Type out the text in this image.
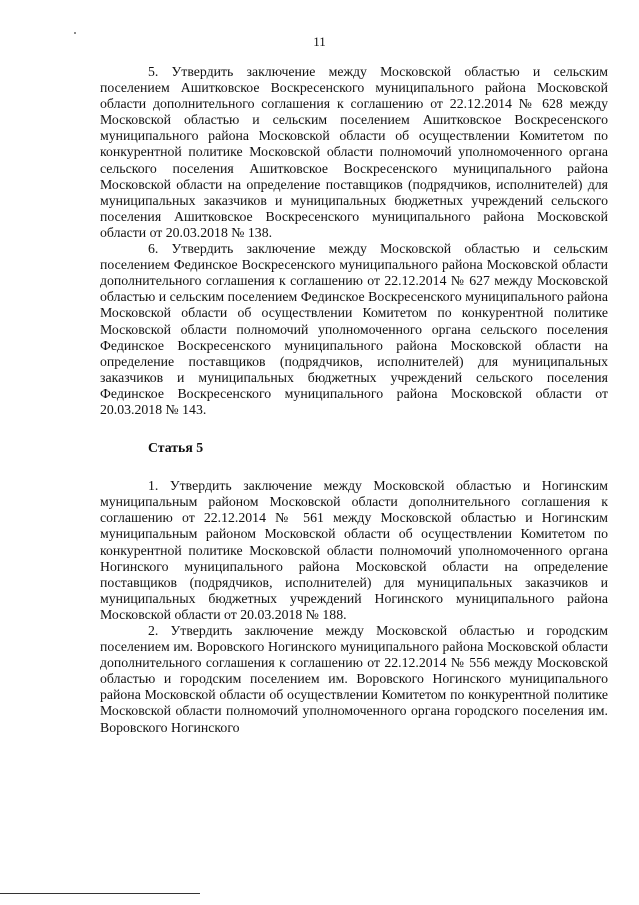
11

5. Утвердить заключение между Московской областью и сельским поселением Ашитковское Воскресенского муниципального района Московской области дополнительного соглашения к соглашению от 22.12.2014 № 628 между Московской областью и сельским поселением Ашитковское Воскресенского муниципального района Московской области об осуществлении Комитетом по конкурентной политике Московской области полномочий уполномоченного органа сельского поселения Ашитковское Воскресенского муниципального района Московской области на определение поставщиков (подрядчиков, исполнителей) для муниципальных заказчиков и муниципальных бюджетных учреждений сельского поселения Ашитковское Воскресенского муниципального района Московской области от 20.03.2018 № 138.

6. Утвердить заключение между Московской областью и сельским поселением Фединское Воскресенского муниципального района Московской области дополнительного соглашения к соглашению от 22.12.2014 № 627 между Московской областью и сельским поселением Фединское Воскресенского муниципального района Московской области об осуществлении Комитетом по конкурентной политике Московской области полномочий уполномоченного органа сельского поселения Фединское Воскресенского муниципального района Московской области на определение поставщиков (подрядчиков, исполнителей) для муниципальных заказчиков и муниципальных бюджетных учреждений сельского поселения Фединское Воскресенского муниципального района Московской области от 20.03.2018 № 143.

Статья 5

1. Утвердить заключение между Московской областью и Ногинским муниципальным районом Московской области дополнительного соглашения к соглашению от 22.12.2014 № 561 между Московской областью и Ногинским муниципальным районом Московской области об осуществлении Комитетом по конкурентной политике Московской области полномочий уполномоченного органа Ногинского муниципального района Московской области на определение поставщиков (подрядчиков, исполнителей) для муниципальных заказчиков и муниципальных бюджетных учреждений Ногинского муниципального района Московской области от 20.03.2018 № 188.

2. Утвердить заключение между Московской областью и городским поселением им. Воровского Ногинского муниципального района Московской области дополнительного соглашения к соглашению от 22.12.2014 № 556 между Московской областью и городским поселением им. Воровского Ногинского муниципального района Московской области об осуществлении Комитетом по конкурентной политике Московской области полномочий уполномоченного органа городского поселения им. Воровского Ногинского
